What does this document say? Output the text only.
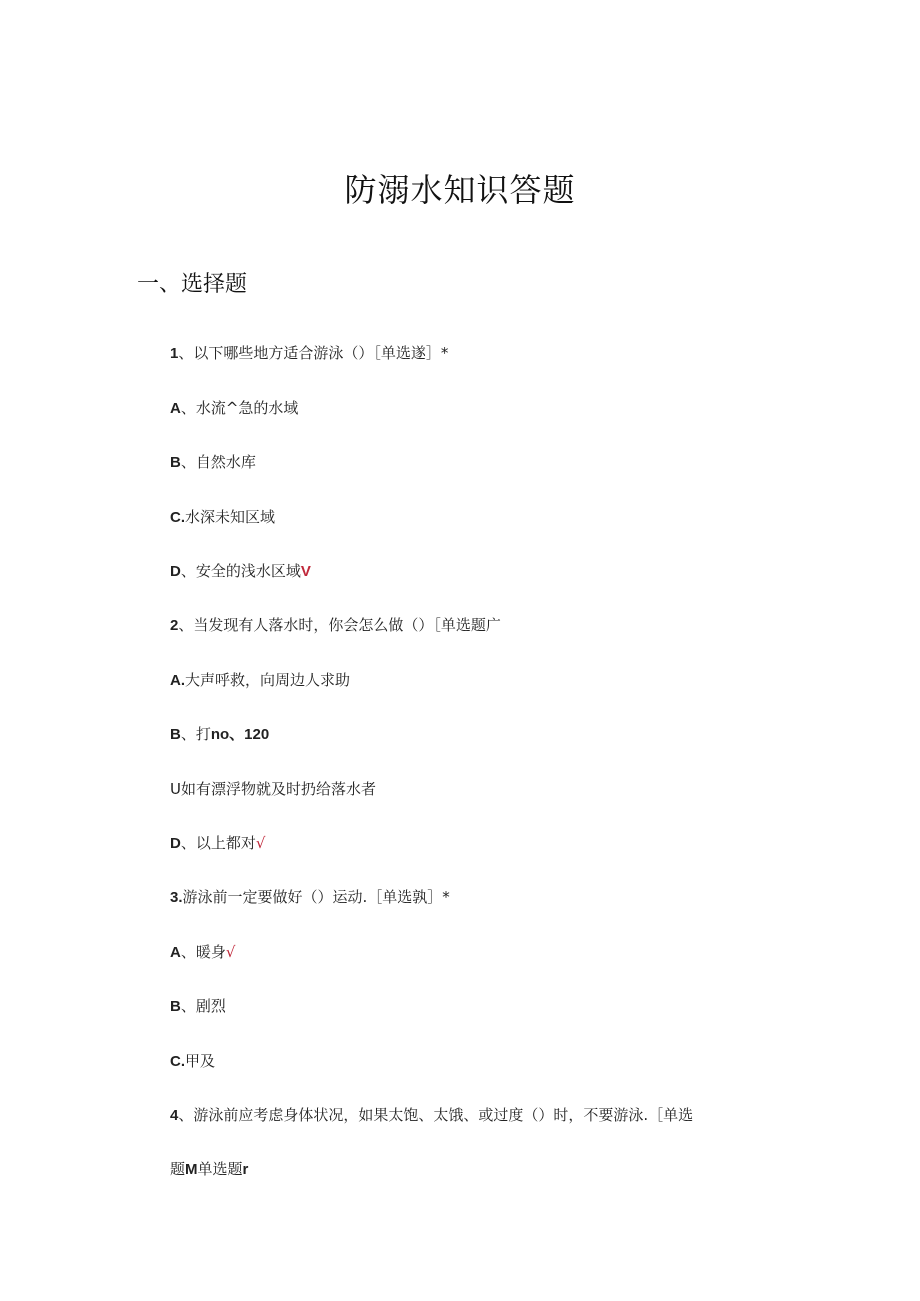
防溺水知识答题
一、选择题
1、以下哪些地方适合游泳（）［单选遂］*
A、水流^急的水域
B、自然水库
C.水深未知区域
D、安全的浅水区域V
2、当发现有人落水时，你会怎么做（）［单选题广
A.大声呼救，向周边人求助
B、打no、120
U如有漂浮物就及时扔给落水者
D、以上都对√
3.游泳前一定要做好（）运动.［单选孰］*
A、暖身√
B、剧烈
C.甲及
4、游泳前应考虑身体状况，如果太饱、太饿、或过度（）时，不要游泳.［单选
题M单选题r
